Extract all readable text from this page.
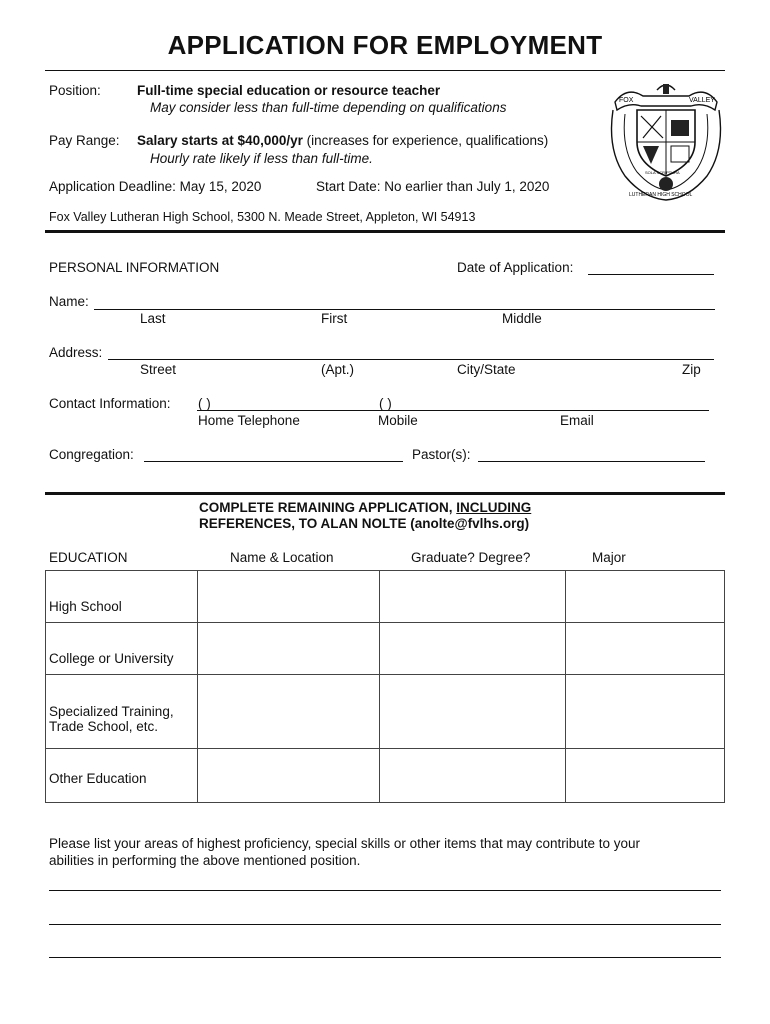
APPLICATION FOR EMPLOYMENT
Position:	Full-time special education or resource teacher
May consider less than full-time depending on qualifications
Pay Range: Salary starts at $40,000/yr (increases for experience, qualifications)
Hourly rate likely if less than full-time.
Application Deadline: May 15, 2020	Start Date: No earlier than July 1, 2020
Fox Valley Lutheran High School, 5300 N. Meade Street, Appleton, WI 54913
FOX	VALLEY
SOLA SCRIPTURA
LUTHERAN HIGH SCHOOL
PERSONAL INFORMATION	Date of Application:
Name:
Last	First	Middle
Address:
Street	(Apt.)	City/State	Zip
Contact Information: ( )	( )
Home Telephone	Mobile	Email
Congregation:	Pastor(s):
COMPLETE REMAINING APPLICATION, INCLUDING
REFERENCES, TO ALAN NOLTE (anolte@fvlhs.org)
EDUCATION	Name & Location	Graduate? Degree?	Major
High School			
College or University			
Specialized Training,
Trade School, etc.			
Other Education			
Please list your areas of highest proficiency, special skills or other items that may contribute to your
abilities in performing the above mentioned position.
